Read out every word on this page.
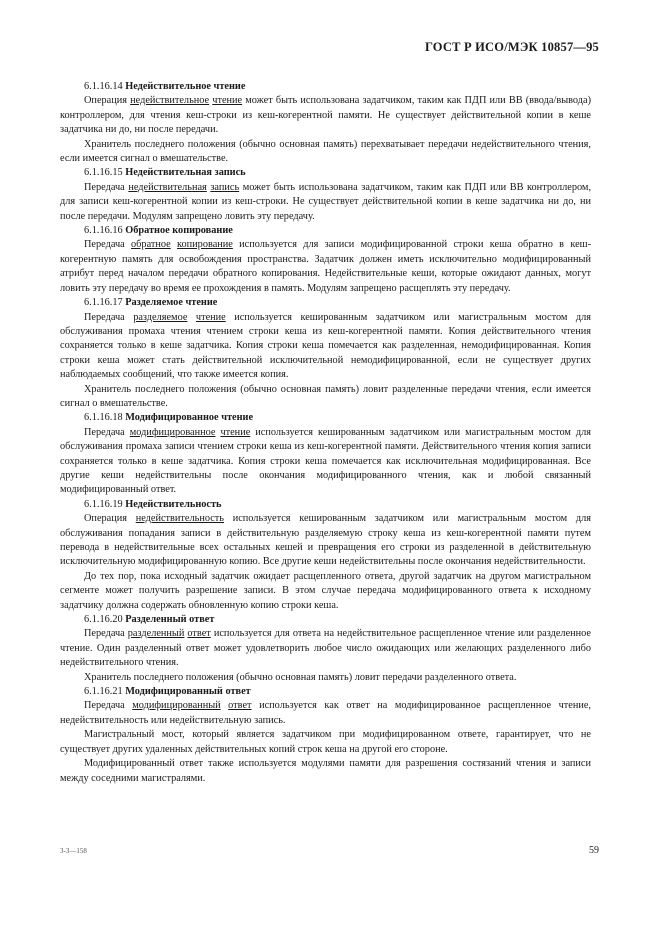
ГОСТ Р ИСО/МЭК 10857—95

6.1.16.14 Недействительное чтение

Операция недействительное чтение может быть использована задатчиком, таким как ПДП или ВВ (ввода/вывода) контроллером, для чтения кеш-строки из кеш-когерентной памяти. Не существует действительной копии в кеше задатчика ни до, ни после передачи.

Хранитель последнего положения (обычно основная память) перехватывает передачи недействительного чтения, если имеется сигнал о вмешательстве.

6.1.16.15 Недействительная запись

Передача недействительная запись может быть использована задатчиком, таким как ПДП или ВВ контроллером, для записи кеш-когерентной копии из кеш-строки. Не существует действительной копии в кеше задатчика ни до, ни после передачи. Модулям запрещено ловить эту передачу.

6.1.16.16 Обратное копирование

Передача обратное копирование используется для записи модифицированной строки кеша обратно в кеш-когерентную память для освобождения пространства. Задатчик должен иметь исключительно модифицированный атрибут перед началом передачи обратного копирования. Недействительные кеши, которые ожидают данных, могут ловить эту передачу во время ее прохождения в память. Модулям запрещено расщеплять эту передачу.

6.1.16.17 Разделяемое чтение

Передача разделяемое чтение используется кешированным задатчиком или магистральным мостом для обслуживания промаха чтения чтением строки кеша из кеш-когерентной памяти. Копия действительного чтения сохраняется только в кеше задатчика. Копия строки кеша помечается как разделенная, немодифицированная. Копия строки кеша может стать действительной исключительной немодифицированной, если не существует других наблюдаемых сообщений, что также имеется копия.

Хранитель последнего положения (обычно основная память) ловит разделенные передачи чтения, если имеется сигнал о вмешательстве.

6.1.16.18 Модифицированное чтение

Передача модифицированное чтение используется кешированным задатчиком или магистральным мостом для обслуживания промаха записи чтением строки кеша из кеш-когерентной памяти. Действительного чтения копия записи сохраняется только в кеше задатчика. Копия строки кеша помечается как исключительная модифицированная. Все другие кеши недействительны после окончания модифицированного чтения, как и любой связанный модифицированный ответ.

6.1.16.19 Недействительность

Операция недействительность используется кешированным задатчиком или магистральным мостом для обслуживания попадания записи в действительную разделяемую строку кеша из кеш-когерентной памяти путем перевода в недействительные всех остальных кешей и превращения его строки из разделенной в действительную исключительную модифицированную копию. Все другие кеши недействительны после окончания недействительности.

До тех пор, пока исходный задатчик ожидает расщепленного ответа, другой задатчик на другом магистральном сегменте может получить разрешение записи. В этом случае передача модифицированного ответа к исходному задатчику должна содержать обновленную копию строки кеша.

6.1.16.20 Разделенный ответ

Передача разделенный ответ используется для ответа на недействительное расщепленное чтение или разделенное чтение. Один разделенный ответ может удовлетворить любое число ожидающих или желающих разделенного либо недействительного чтения.

Хранитель последнего положения (обычно основная память) ловит передачи разделенного ответа.

6.1.16.21 Модифицированный ответ

Передача модифицированный ответ используется как ответ на модифицированное расщепленное чтение, недействительность или недействительную запись.

Магистральный мост, который является задатчиком при модифицированном ответе, гарантирует, что не существует других удаленных действительных копий строк кеша на другой его стороне.

Модифицированный ответ также используется модулями памяти для разрешения состязаний чтения и записи между соседними магистралями.

3-3—158	59
